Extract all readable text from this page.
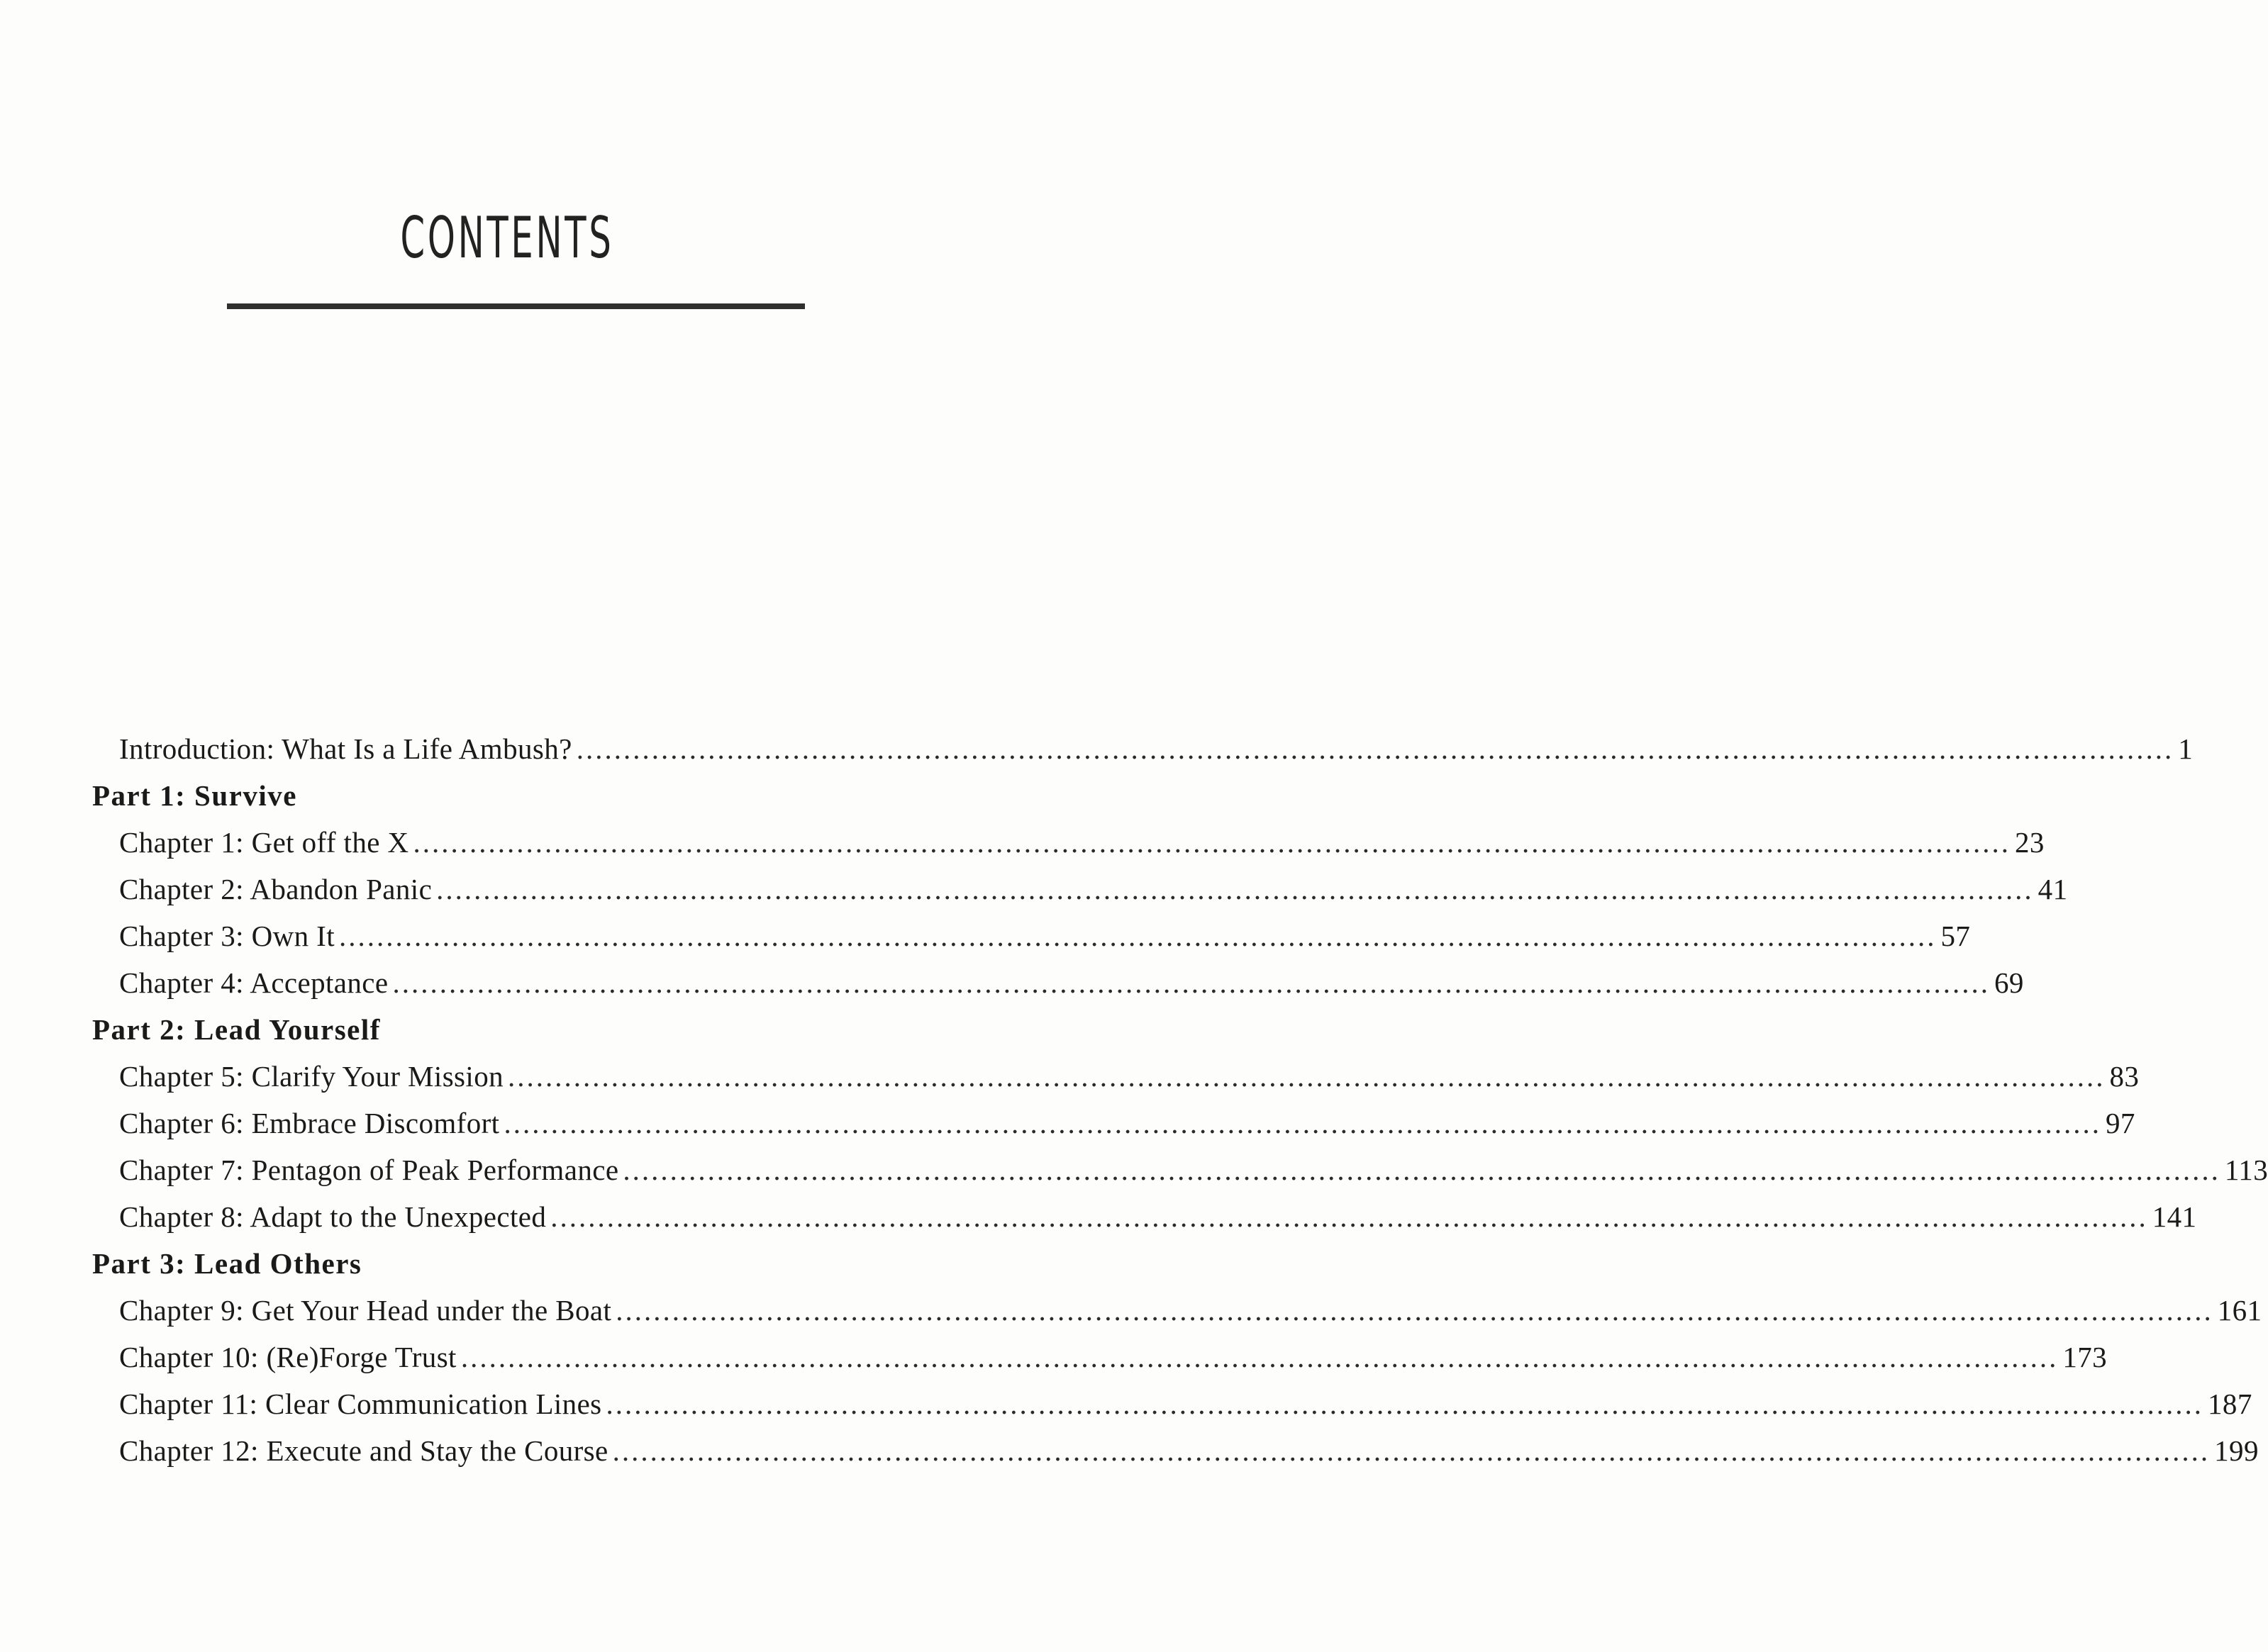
CONTENTS
Introduction: What Is a Life Ambush? .......................................................................................................................................................................... 1
Part 1: Survive
Chapter 1: Get off the X .......................................................................................................................................................................... 23
Chapter 2: Abandon Panic .......................................................................................................................................................................... 41
Chapter 3: Own It .......................................................................................................................................................................... 57
Chapter 4: Acceptance .......................................................................................................................................................................... 69
Part 2: Lead Yourself
Chapter 5: Clarify Your Mission .......................................................................................................................................................................... 83
Chapter 6: Embrace Discomfort .......................................................................................................................................................................... 97
Chapter 7: Pentagon of Peak Performance .......................................................................................................................................................................... 113
Chapter 8: Adapt to the Unexpected .......................................................................................................................................................................... 141
Part 3: Lead Others
Chapter 9: Get Your Head under the Boat .......................................................................................................................................................................... 161
Chapter 10: (Re)Forge Trust .......................................................................................................................................................................... 173
Chapter 11: Clear Communication Lines .......................................................................................................................................................................... 187
Chapter 12: Execute and Stay the Course .......................................................................................................................................................................... 199
